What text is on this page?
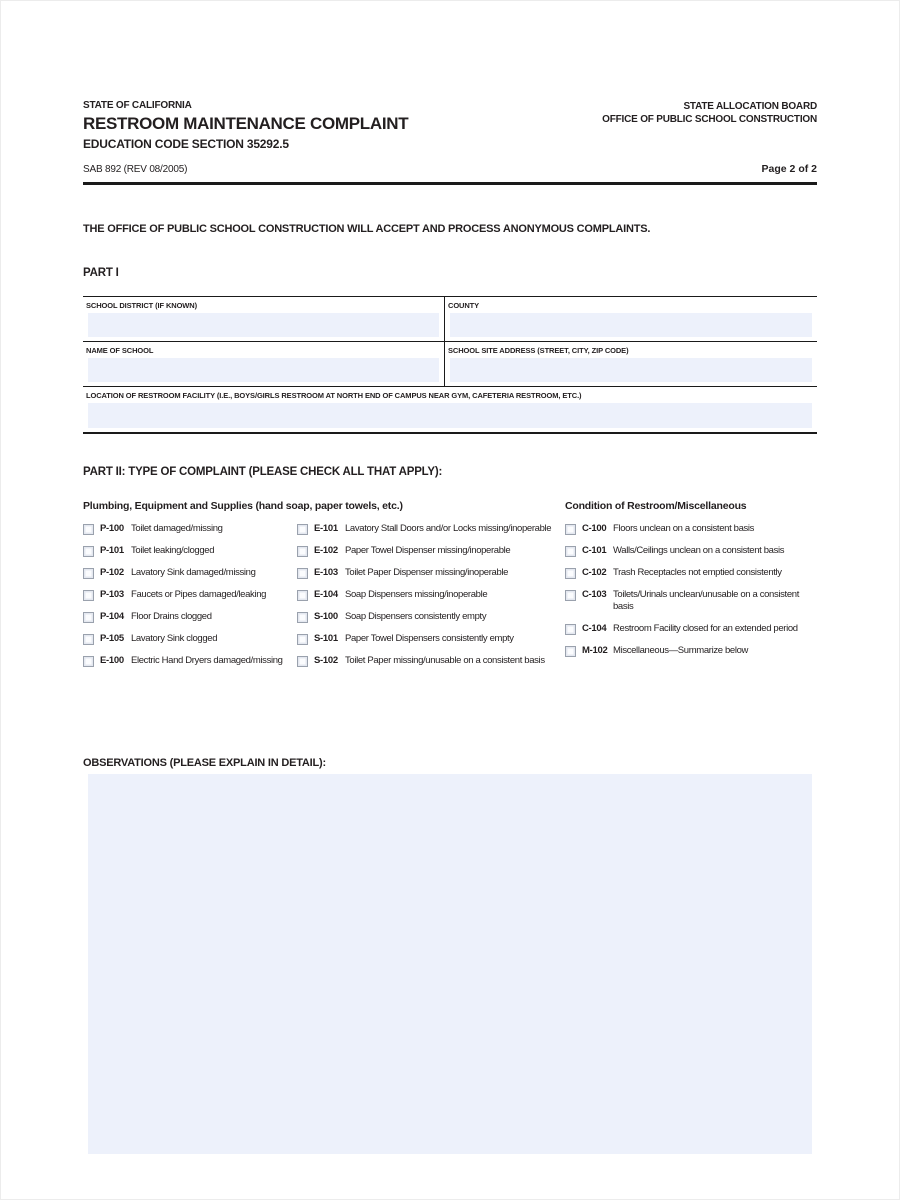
STATE OF CALIFORNIA
RESTROOM MAINTENANCE COMPLAINT
EDUCATION CODE SECTION 35292.5
STATE ALLOCATION BOARD
OFFICE OF PUBLIC SCHOOL CONSTRUCTION
SAB 892 (REV 08/2005)	Page 2 of 2
THE OFFICE OF PUBLIC SCHOOL CONSTRUCTION WILL ACCEPT AND PROCESS ANONYMOUS COMPLAINTS.
PART I
SCHOOL DISTRICT (IF KNOWN)	COUNTY
NAME OF SCHOOL	SCHOOL SITE ADDRESS (STREET, CITY, ZIP CODE)
LOCATION OF RESTROOM FACILITY (I.E., BOYS/GIRLS RESTROOM AT NORTH END OF CAMPUS NEAR GYM, CAFETERIA RESTROOM, ETC.)
PART II: TYPE OF COMPLAINT (PLEASE CHECK ALL THAT APPLY):
Plumbing, Equipment and Supplies (hand soap, paper towels, etc.)	Condition of Restroom/Miscellaneous
P-100 Toilet damaged/missing
P-101 Toilet leaking/clogged
P-102 Lavatory Sink damaged/missing
P-103 Faucets or Pipes damaged/leaking
P-104 Floor Drains clogged
P-105 Lavatory Sink clogged
E-100 Electric Hand Dryers damaged/missing
E-101 Lavatory Stall Doors and/or Locks missing/inoperable
E-102 Paper Towel Dispenser missing/inoperable
E-103 Toilet Paper Dispenser missing/inoperable
E-104 Soap Dispensers missing/inoperable
S-100 Soap Dispensers consistently empty
S-101 Paper Towel Dispensers consistently empty
S-102 Toilet Paper missing/unusable on a consistent basis
C-100 Floors unclean on a consistent basis
C-101 Walls/Ceilings unclean on a consistent basis
C-102 Trash Receptacles not emptied consistently
C-103 Toilets/Urinals unclean/unusable on a consistent basis
C-104 Restroom Facility closed for an extended period
M-102 Miscellaneous—Summarize below
OBSERVATIONS (PLEASE EXPLAIN IN DETAIL):
